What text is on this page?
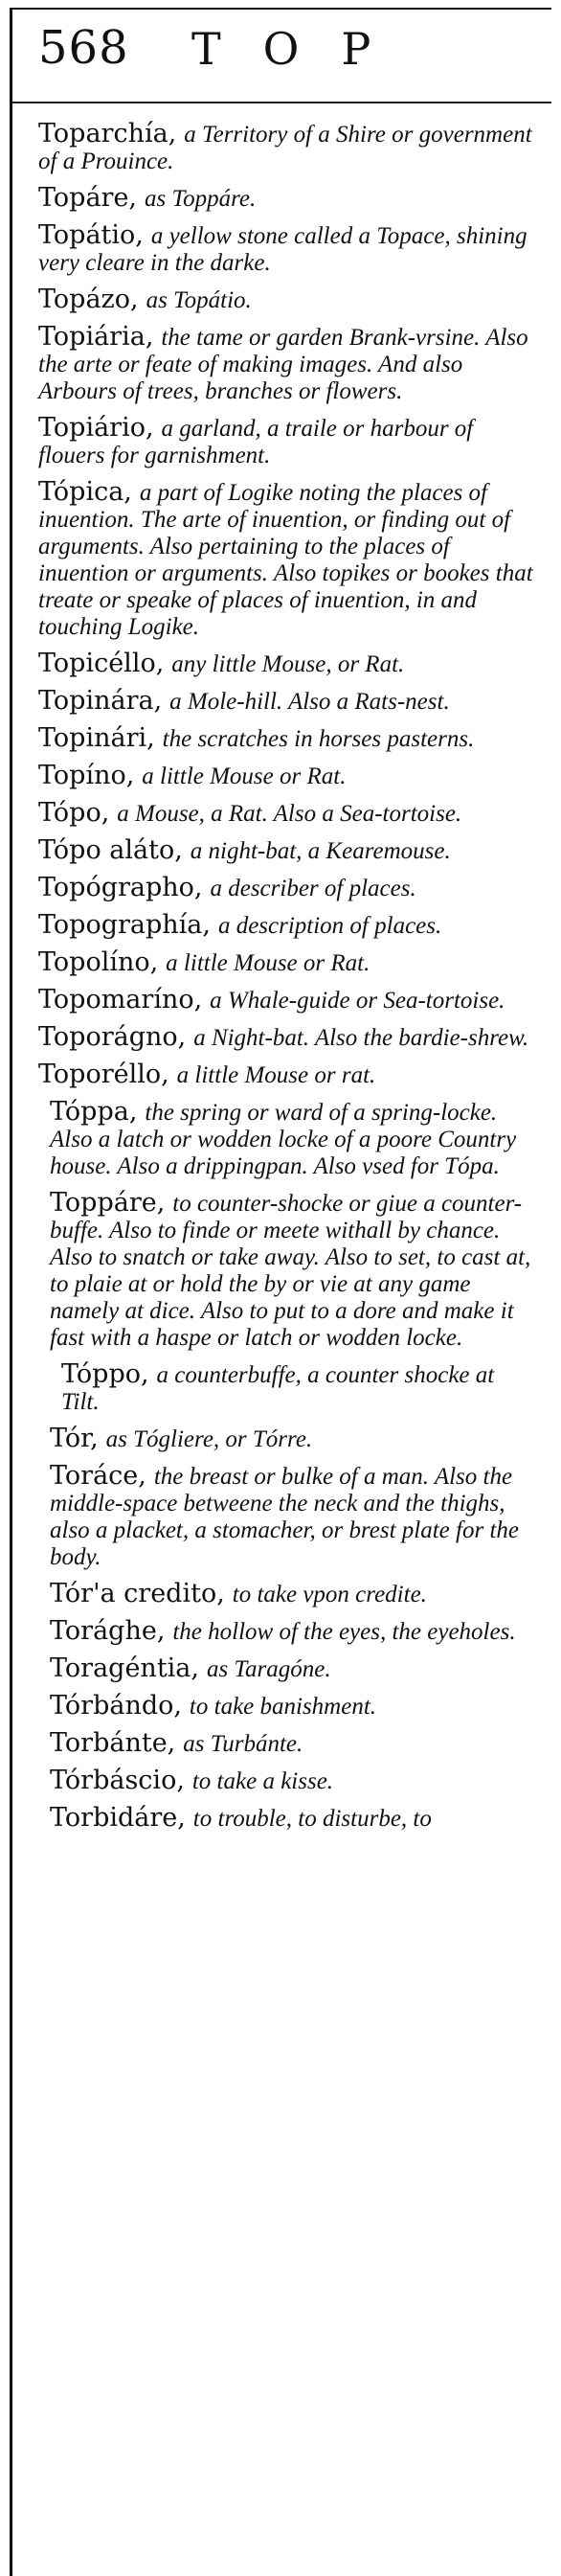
568 TOP
Toparchía, a Territory of a Shire or government of a Prouince.
Topáre, as Toppáre.
Topátio, a yellow stone called a Topace, shining very cleare in the darke.
Topázo, as Topátio.
Topiária, the tame or garden Brank-vrsine. Also the arte or feate of making images. And also Arbours of trees, branches or flowers.
Topiário, a garland, a traile or harbour of flouers for garnishment.
Tópica, a part of Logike noting the places of inuention. The arte of inuention, or finding out of arguments. Also pertaining to the places of inuention or arguments. Also topikes or bookes that treate or speake of places of inuention, in and touching Logike.
Topicéllo, any little Mouse, or Rat.
Topinára, a Mole-hill. Also a Rats-nest.
Topinári, the scratches in horses pasterns.
Topíno, a little Mouse or Rat.
Tópo, a Mouse, a Rat. Also a Sea-tortoise.
Tópo aláto, a night-bat, a Kearemouse.
Topógrapho, a describer of places.
Topographía, a description of places.
Topolíno, a little Mouse or Rat.
Topomaríno, a Whale-guide or Sea-tortoise.
Toporágno, a Night-bat. Also the bardie-shrew.
Toporéllo, a little Mouse or rat.
Tóppa, the spring or ward of a spring-locke. Also a latch or wodden locke of a poore Country house. Also a drippingpan. Also vsed for Tópa.
Toppáre, to counter-shocke or giue a counter-buffe. Also to finde or meete withall by chance. Also to snatch or take away. Also to set, to cast at, to plaie at or hold the by or vie at any game namely at dice. Also to put to a dore and make it fast with a haspe or latch or wodden locke.
Tóppo, a counterbuffe, a counter shocke at Tilt.
Tór, as Tógliere, or Tórre.
Toráce, the breast or bulke of a man. Also the middle-space betweene the neck and the thighs, also a placket, a stomacher, or brest plate for the body.
Tór'a credito, to take vpon credite.
Torághe, the hollow of the eyes, the eyeholes.
Toragéntia, as Taragóne.
Tórbándo, to take banishment.
Torbánte, as Turbánte.
Tórbáscio, to take a kisse.
Torbidáre, to trouble, to disturbe, to
